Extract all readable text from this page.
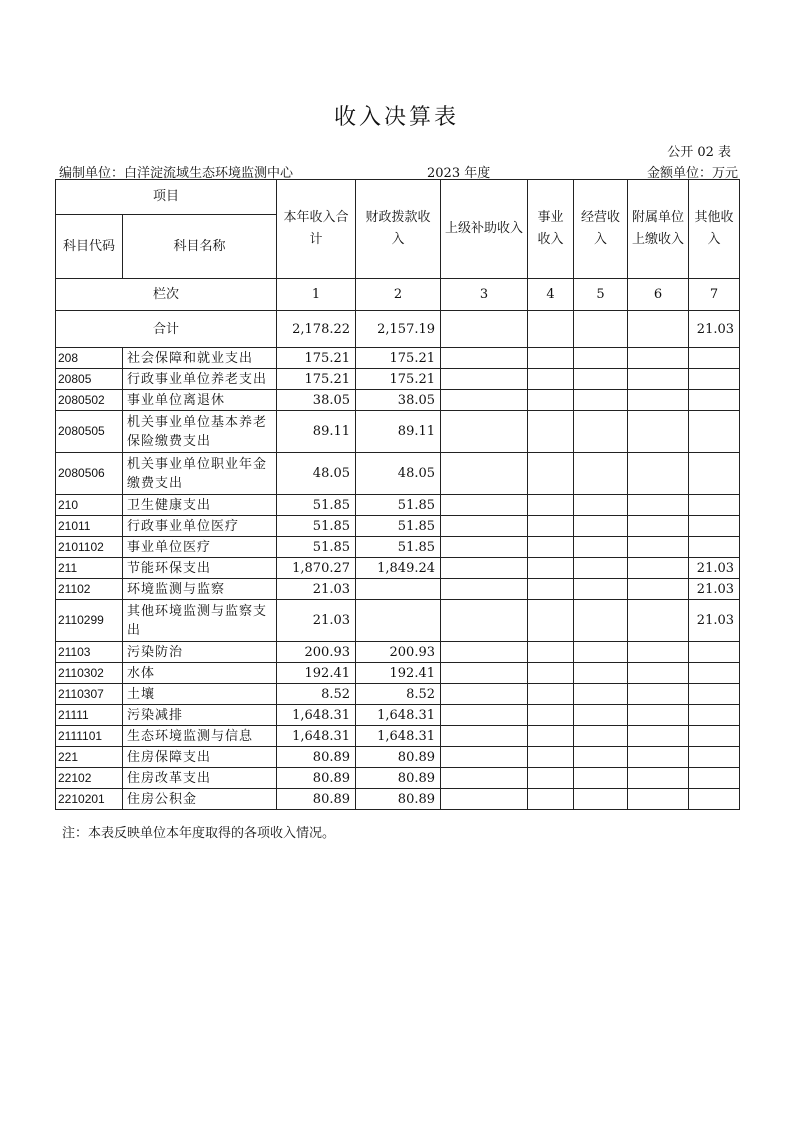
收入决算表
公开 02 表
编制单位：白洋淀流域生态环境监测中心	2023 年度	金额单位：万元
项目		本年收入合计	财政拨款收入	上级补助收入	事业收入	经营收入	附属单位上缴收入	其他收入
科目代码	科目名称							
栏次		1	2	3	4	5	6	7
合计		2,178.22	2,157.19					21.03
208	社会保障和就业支出	175.21	175.21					
20805	行政事业单位养老支出	175.21	175.21					
2080502	事业单位离退休	38.05	38.05					
2080505	机关事业单位基本养老保险缴费支出	89.11	89.11					
2080506	机关事业单位职业年金缴费支出	48.05	48.05					
210	卫生健康支出	51.85	51.85					
21011	行政事业单位医疗	51.85	51.85					
2101102	事业单位医疗	51.85	51.85					
211	节能环保支出	1,870.27	1,849.24					21.03
21102	环境监测与监察	21.03						21.03
2110299	其他环境监测与监察支出	21.03						21.03
21103	污染防治	200.93	200.93					
2110302	水体	192.41	192.41					
2110307	土壤	8.52	8.52					
21111	污染减排	1,648.31	1,648.31					
2111101	生态环境监测与信息	1,648.31	1,648.31					
221	住房保障支出	80.89	80.89					
22102	住房改革支出	80.89	80.89					
2210201	住房公积金	80.89	80.89					
注：本表反映单位本年度取得的各项收入情况。
